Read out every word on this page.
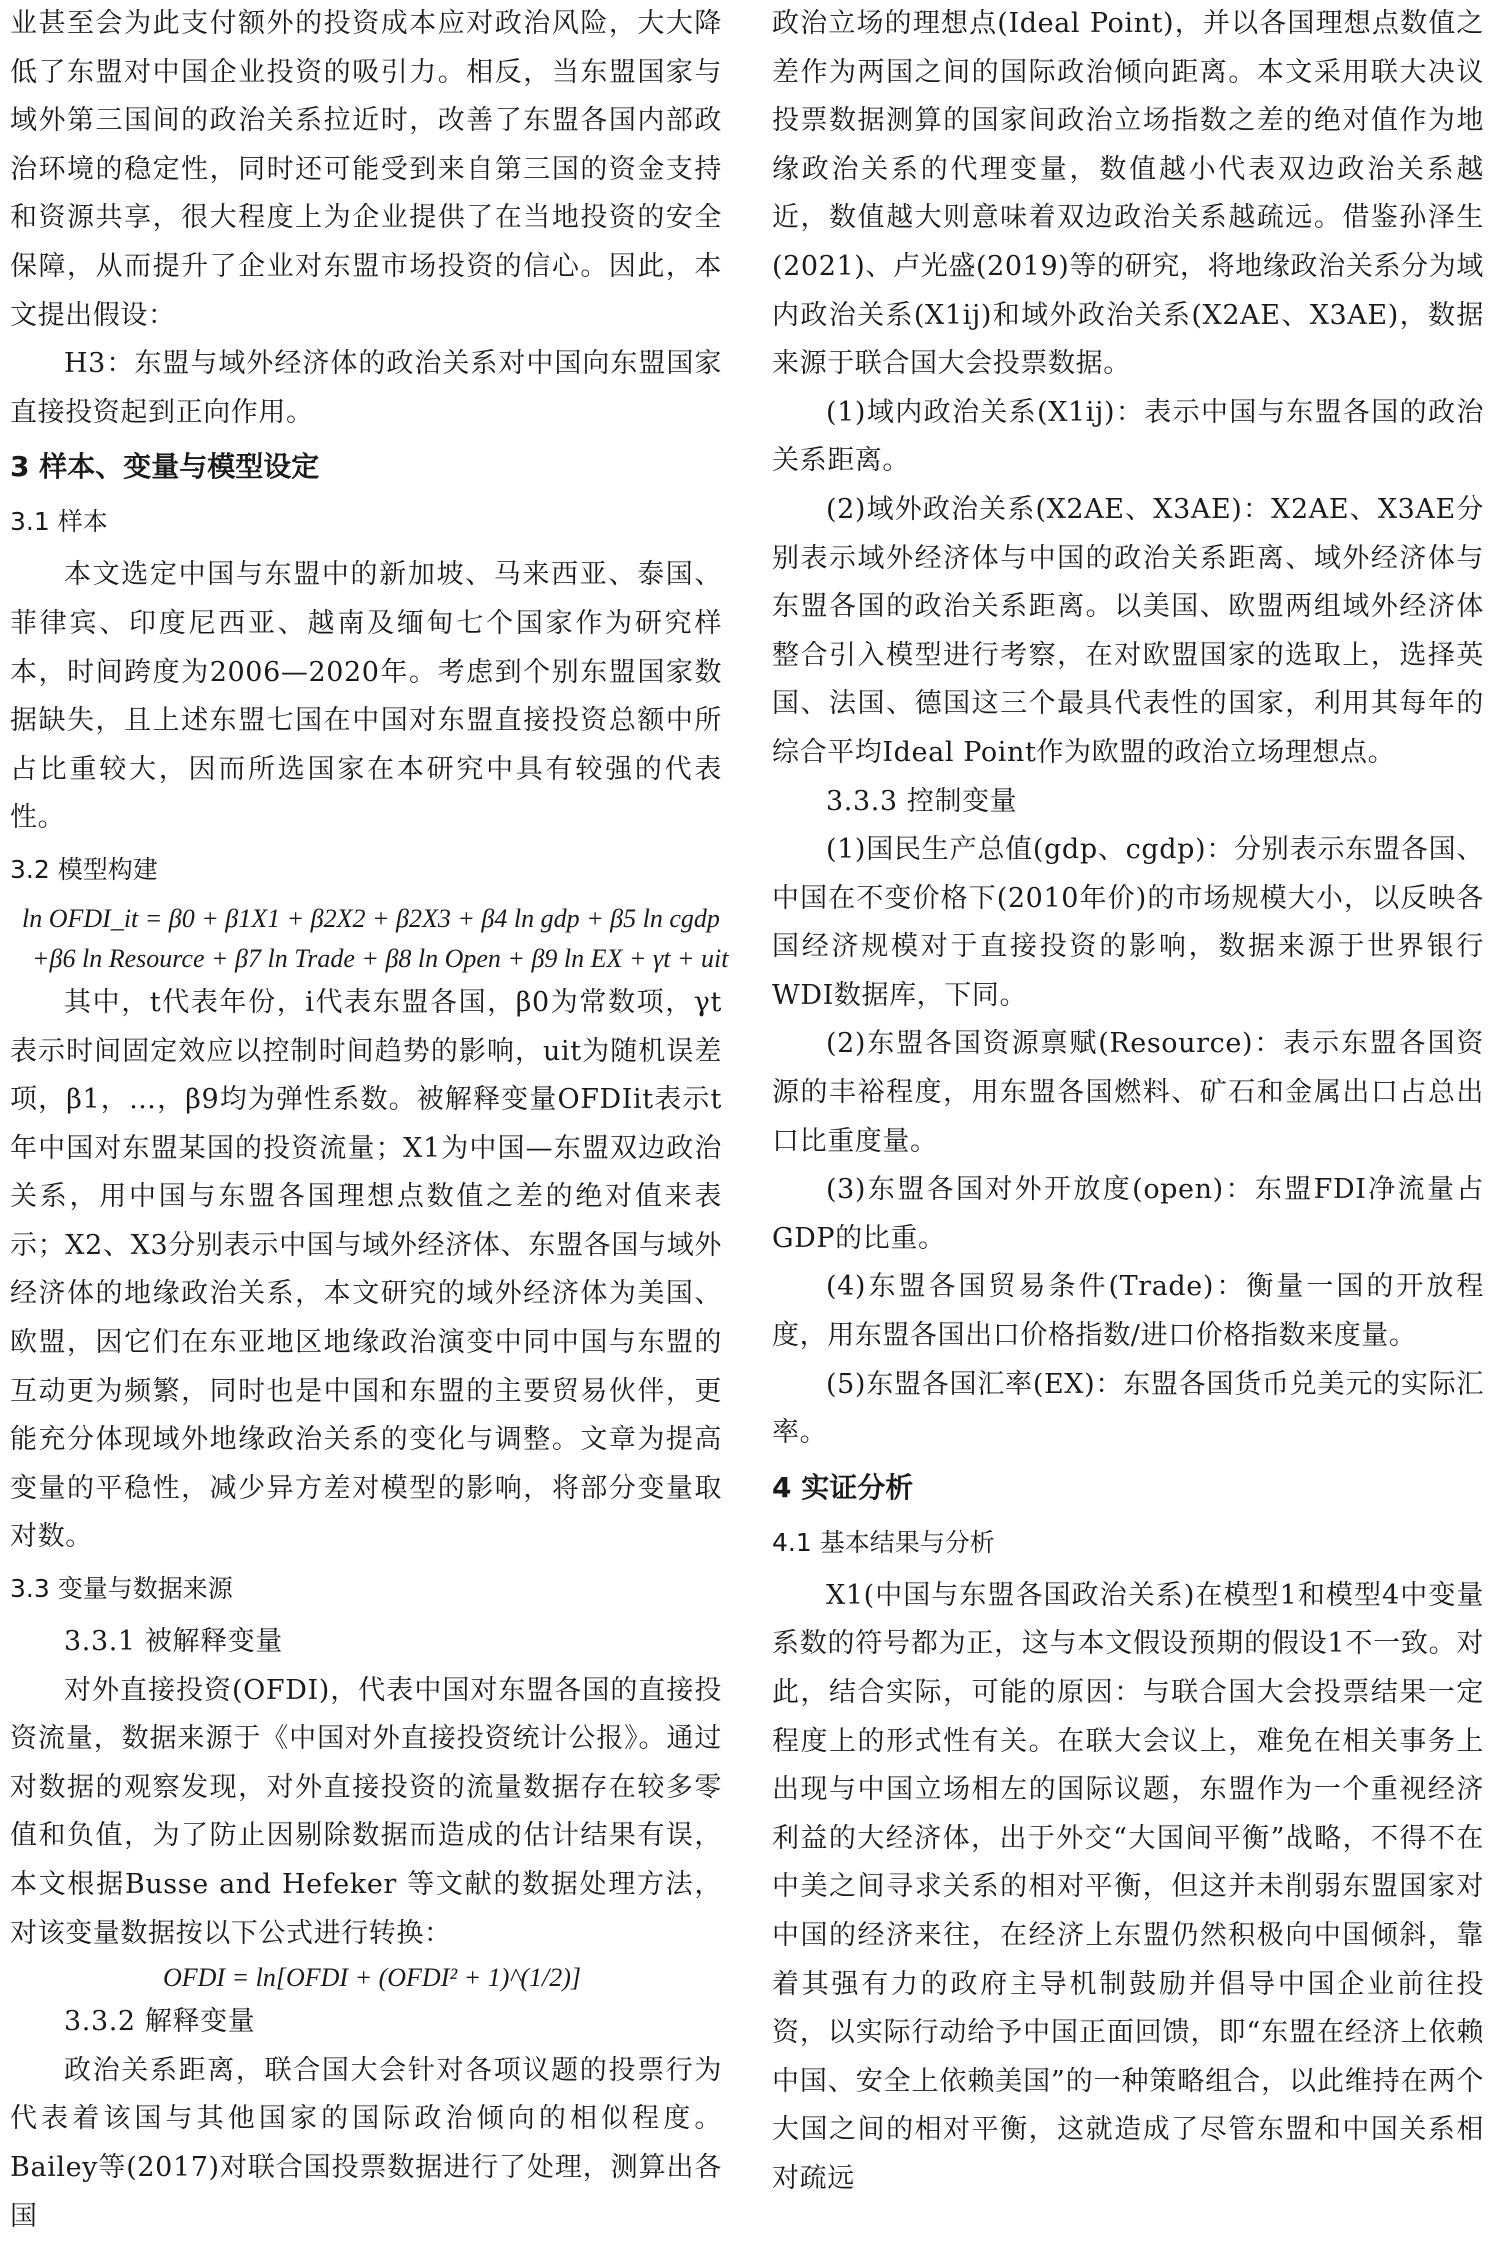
业甚至会为此支付额外的投资成本应对政治风险，大大降低了东盟对中国企业投资的吸引力。相反，当东盟国家与域外第三国间的政治关系拉近时，改善了东盟各国内部政治环境的稳定性，同时还可能受到来自第三国的资金支持和资源共享，很大程度上为企业提供了在当地投资的安全保障，从而提升了企业对东盟市场投资的信心。因此，本文提出假设：

H3：东盟与域外经济体的政治关系对中国向东盟国家直接投资起到正向作用。

3 样本、变量与模型设定
3.1 样本

本文选定中国与东盟中的新加坡、马来西亚、泰国、菲律宾、印度尼西亚、越南及缅甸七个国家作为研究样本，时间跨度为2006—2020年。考虑到个别东盟国家数据缺失，且上述东盟七国在中国对东盟直接投资总额中所占比重较大，因而所选国家在本研究中具有较强的代表性。

3.2 模型构建
ln OFDI_it = β0 + β1X1 + β2X2 + β2X3 + β4 ln gdp + β5 ln cgdp
+β6 ln Resource + β7 ln Trade + β8 ln Open + β9 ln EX + γt + uit

其中，t代表年份，i代表东盟各国，β0为常数项，γt表示时间固定效应以控制时间趋势的影响，uit为随机误差项，β1，…，β9均为弹性系数。被解释变量OFDIit表示t年中国对东盟某国的投资流量；X1为中国—东盟双边政治关系，用中国与东盟各国理想点数值之差的绝对值来表示；X2、X3分别表示中国与域外经济体、东盟各国与域外经济体的地缘政治关系，本文研究的域外经济体为美国、欧盟，因它们在东亚地区地缘政治演变中同中国与东盟的互动更为频繁，同时也是中国和东盟的主要贸易伙伴，更能充分体现域外地缘政治关系的变化与调整。文章为提高变量的平稳性，减少异方差对模型的影响，将部分变量取对数。

3.3 变量与数据来源
3.3.1 被解释变量

对外直接投资(OFDI)，代表中国对东盟各国的直接投资流量，数据来源于《中国对外直接投资统计公报》。通过对数据的观察发现，对外直接投资的流量数据存在较多零值和负值，为了防止因剔除数据而造成的估计结果有误，本文根据Busse and Hefeker 等文献的数据处理方法，对该变量数据按以下公式进行转换：

OFDI = ln[OFDI + (OFDI² + 1)^(1/2)]
3.3.2 解释变量

政治关系距离，联合国大会针对各项议题的投票行为代表着该国与其他国家的国际政治倾向的相似程度。Bailey等(2017)对联合国投票数据进行了处理，测算出各国

政治立场的理想点(Ideal Point)，并以各国理想点数值之差作为两国之间的国际政治倾向距离。本文采用联大决议投票数据测算的国家间政治立场指数之差的绝对值作为地缘政治关系的代理变量，数值越小代表双边政治关系越近，数值越大则意味着双边政治关系越疏远。借鉴孙泽生(2021)、卢光盛(2019)等的研究，将地缘政治关系分为域内政治关系(X1ij)和域外政治关系(X2AE、X3AE)，数据来源于联合国大会投票数据。

(1)域内政治关系(X1ij)：表示中国与东盟各国的政治关系距离。

(2)域外政治关系(X2AE、X3AE)：X2AE、X3AE分别表示域外经济体与中国的政治关系距离、域外经济体与东盟各国的政治关系距离。以美国、欧盟两组域外经济体整合引入模型进行考察，在对欧盟国家的选取上，选择英国、法国、德国这三个最具代表性的国家，利用其每年的综合平均Ideal Point作为欧盟的政治立场理想点。

3.3.3 控制变量

(1)国民生产总值(gdp、cgdp)：分别表示东盟各国、中国在不变价格下(2010年价)的市场规模大小，以反映各国经济规模对于直接投资的影响，数据来源于世界银行WDI数据库，下同。

(2)东盟各国资源禀赋(Resource)：表示东盟各国资源的丰裕程度，用东盟各国燃料、矿石和金属出口占总出口比重度量。

(3)东盟各国对外开放度(open)：东盟FDI净流量占GDP的比重。

(4)东盟各国贸易条件(Trade)：衡量一国的开放程度，用东盟各国出口价格指数/进口价格指数来度量。

(5)东盟各国汇率(EX)：东盟各国货币兑美元的实际汇率。

4 实证分析
4.1 基本结果与分析

X1(中国与东盟各国政治关系)在模型1和模型4中变量系数的符号都为正，这与本文假设预期的假设1不一致。对此，结合实际，可能的原因：与联合国大会投票结果一定程度上的形式性有关。在联大会议上，难免在相关事务上出现与中国立场相左的国际议题，东盟作为一个重视经济利益的大经济体，出于外交“大国间平衡”战略，不得不在中美之间寻求关系的相对平衡，但这并未削弱东盟国家对中国的经济来往，在经济上东盟仍然积极向中国倾斜，靠着其强有力的政府主导机制鼓励并倡导中国企业前往投资，以实际行动给予中国正面回馈，即“东盟在经济上依赖中国、安全上依赖美国”的一种策略组合，以此维持在两个大国之间的相对平衡，这就造成了尽管东盟和中国关系相对疏远
